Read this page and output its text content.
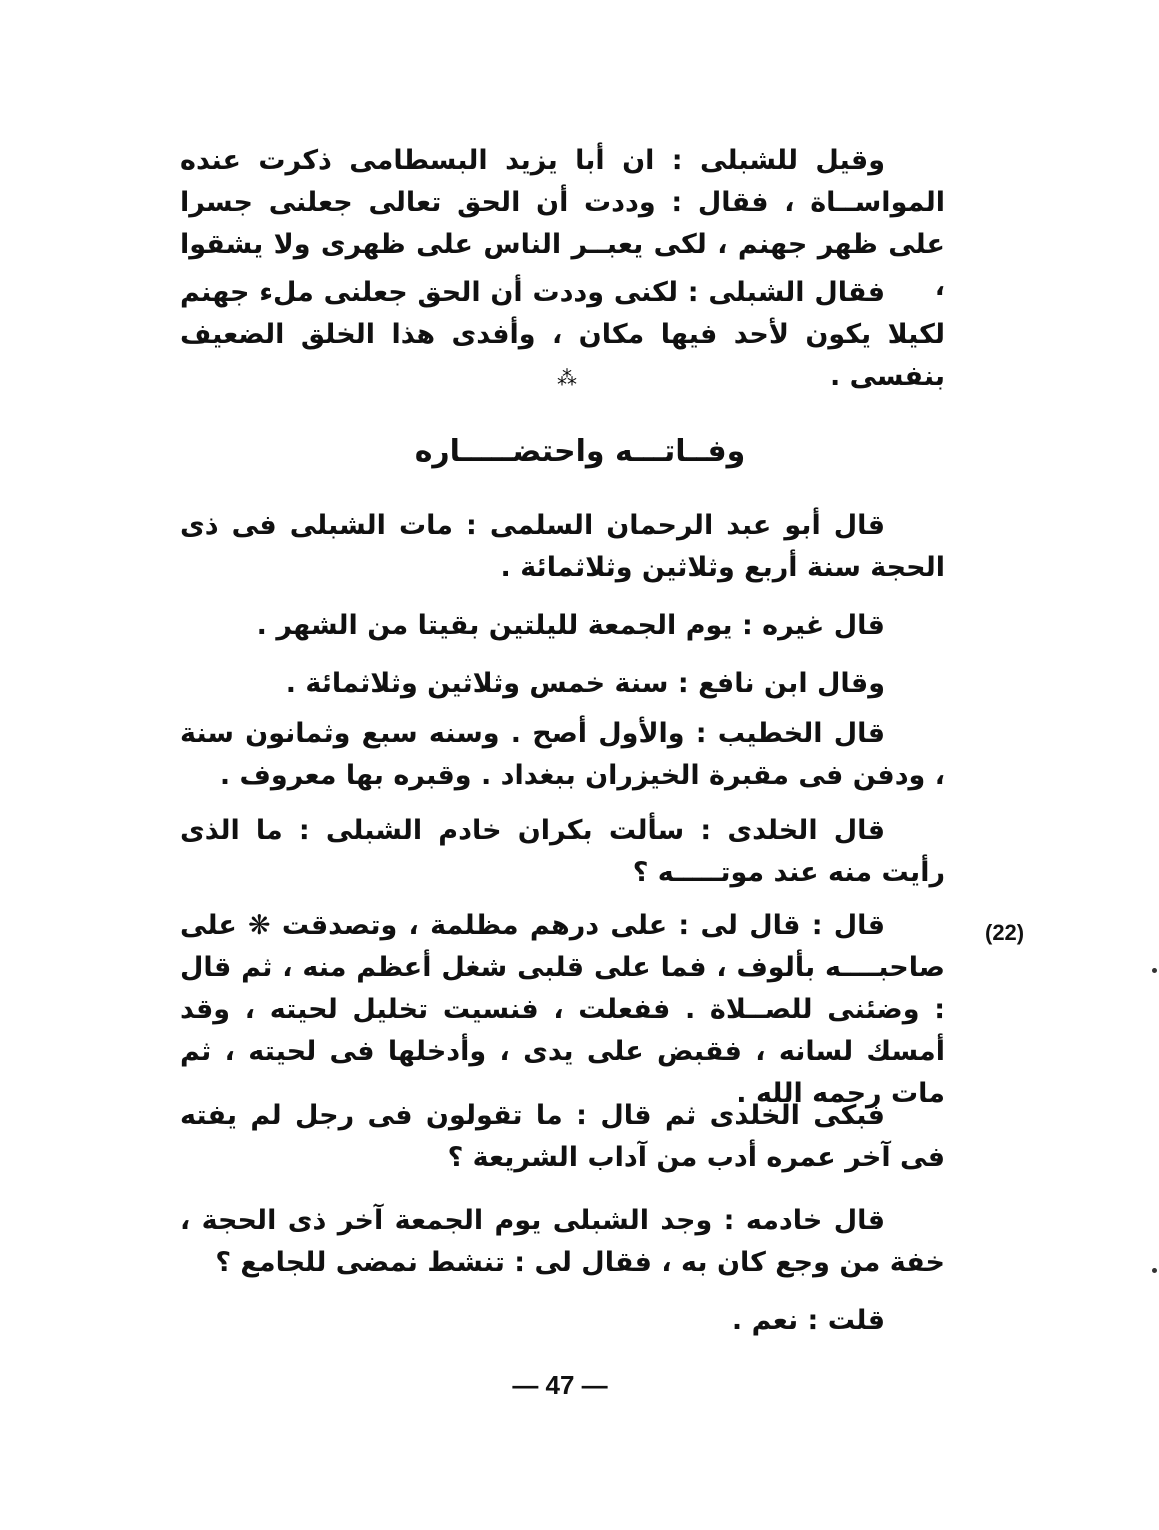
وقيل للشبلى : ان أبا يزيد البسطامى ذكرت عنده المواســاة ، فقال : وددت أن الحق تعالى جعلنى جسرا على ظهر جهنم ، لكى يعبــر الناس على ظهرى ولا يشقوا ،

فقال الشبلى : لكنى وددت أن الحق جعلنى ملء جهنم لكيلا يكون لأحد فيها مكان ، وأفدى هذا الخلق الضعيف بنفسى .

⁂
وفــاتـــه واحتضـــــاره

قال أبو عبد الرحمان السلمى : مات الشبلى فى ذى الحجة سنة أربع وثلاثين وثلاثمائة .

قال غيره : يوم الجمعة لليلتين بقيتا من الشهر .

وقال ابن نافع : سنة خمس وثلاثين وثلاثمائة .

قال الخطيب : والأول أصح . وسنه سبع وثمانون سنة ، ودفن فى مقبرة الخيزران ببغداد . وقبره بها معروف .

قال الخلدى : سألت بكران خادم الشبلى : ما الذى رأيت منه عند موتـــــه ؟

قال : قال لى : على درهم مظلمة ، وتصدقت ❋ على صاحبــــه بألوف ، فما على قلبى شغل أعظم منه ، ثم قال : وضئنى للصــلاة . ففعلت ، فنسيت تخليل لحيته ، وقد أمسك لسانه ، فقبض على يدى ، وأدخلها فى لحيته ، ثم مات رحمه الله .

فبكى الخلدى ثم قال : ما تقولون فى رجل لم يفته فى آخر عمره أدب من آداب الشريعة ؟

قال خادمه : وجد الشبلى يوم الجمعة آخر ذى الحجة ، خفة من وجع كان به ، فقال لى : تنشط نمضى للجامع ؟

قلت : نعم .

(22)
— 47 —
